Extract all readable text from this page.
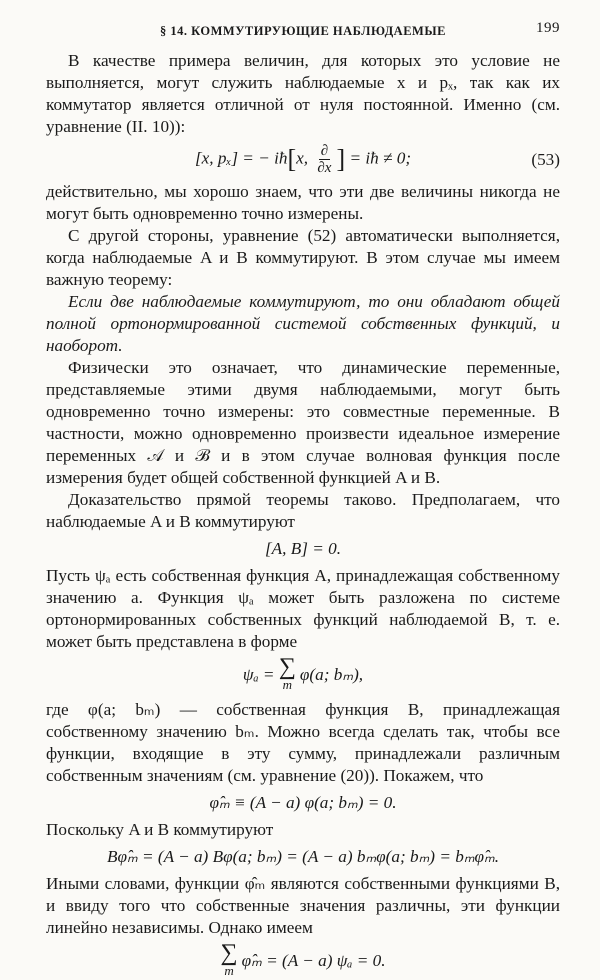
§ 14. КОММУТИРУЮЩИЕ НАБЛЮДАЕМЫЕ	199

В качестве примера величин, для которых это условие не выполняется, могут служить наблюдаемые x и pₓ, так как их коммутатор является отличной от нуля постоянной. Именно (см. уравнение (II. 10)):

[x, pₓ] = − iħ[x, $\frac{\partial}{\partial x}$ ] = iħ ≠ 0;	(53)

действительно, мы хорошо знаем, что эти две величины никогда не могут быть одновременно точно измерены.

С другой стороны, уравнение (52) автоматически выполняется, когда наблюдаемые A и B коммутируют. В этом случае мы имеем важную теорему:

Если две наблюдаемые коммутируют, то они обладают общей полной ортонормированной системой собственных функций, и наоборот.

Физически это означает, что динамические переменные, представляемые этими двумя наблюдаемыми, могут быть одновременно точно измерены: это совместные переменные. В частности, можно одновременно произвести идеальное измерение переменных 𝒜 и ℬ и в этом случае волновая функция после измерения будет общей собственной функцией A и B.

Доказательство прямой теоремы таково. Предполагаем, что наблюдаемые A и B коммутируют

[A, B] = 0.

Пусть ψₐ есть собственная функция A, принадлежащая собственному значению a. Функция ψₐ может быть разложена по системе ортонормированных собственных функций наблюдаемой B, т. е. может быть представлена в форме

ψₐ = ∑
m
φ(a; bₘ),

где φ(a; bₘ) — собственная функция B, принадлежащая собственному значению bₘ. Можно всегда сделать так, чтобы все функции, входящие в эту сумму, принадлежали различным собственным значениям (см. уравнение (20)). Покажем, что

φ̂ₘ ≡ (A − a) φ(a; bₘ) = 0.

Поскольку A и B коммутируют

Bφ̂ₘ = (A − a) Bφ(a; bₘ) = (A − a) bₘφ(a; bₘ) = bₘφ̂ₘ.

Иными словами, функции φ̂ₘ являются собственными функциями B, и ввиду того что собственные значения различны, эти функции линейно независимы. Однако имеем

∑
m
φ̂ₘ = (A − a) ψₐ = 0.
